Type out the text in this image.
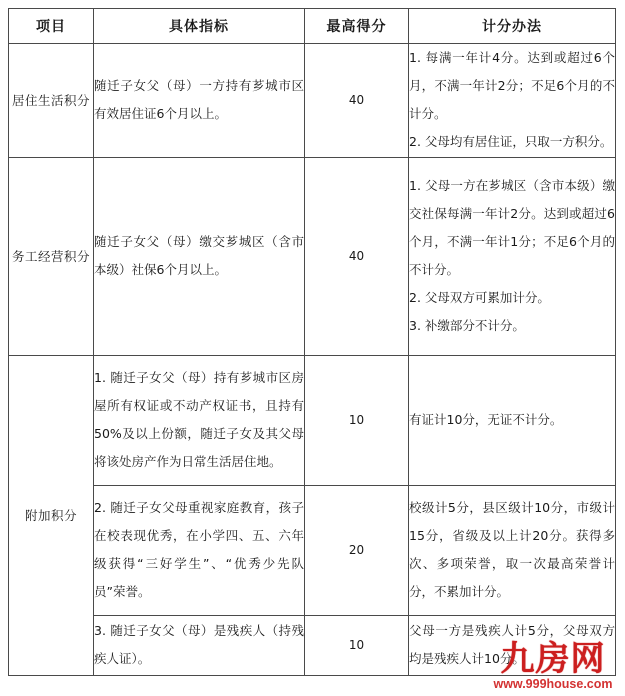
项目	具体指标	最高得分	计分办法
居住生活积分	随迁子女父（母）一方持有芗城市区有效居住证6个月以上。	40	1. 每满一年计4分。达到或超过6个月，不满一年计2分；不足6个月的不计分。

2. 父母均有居住证，只取一方积分。

务工经营积分	随迁子女父（母）缴交芗城区（含市本级）社保6个月以上。	40	1. 父母一方在芗城区（含市本级）缴交社保每满一年计2分。达到或超过6个月，不满一年计1分；不足6个月的不计分。

2. 父母双方可累加计分。

3. 补缴部分不计分。

附加积分	1. 随迁子女父（母）持有芗城市区房屋所有权证或不动产权证书，且持有50%及以上份额，随迁子女及其父母将该处房产作为日常生活居住地。	10	有证计10分，无证不计分。

	2. 随迁子女父母重视家庭教育，孩子在校表现优秀，在小学四、五、六年级获得“三好学生”、“优秀少先队员”荣誉。	20	校级计5分，县区级计10分，市级计15分，省级及以上计20分。获得多次、多项荣誉，取一次最高荣誉计分，不累加计分。

	3. 随迁子女父（母）是残疾人（持残疾人证）。	10	父母一方是残疾人计5分，父母双方均是残疾人计10分。

九房网
www.999house.com
